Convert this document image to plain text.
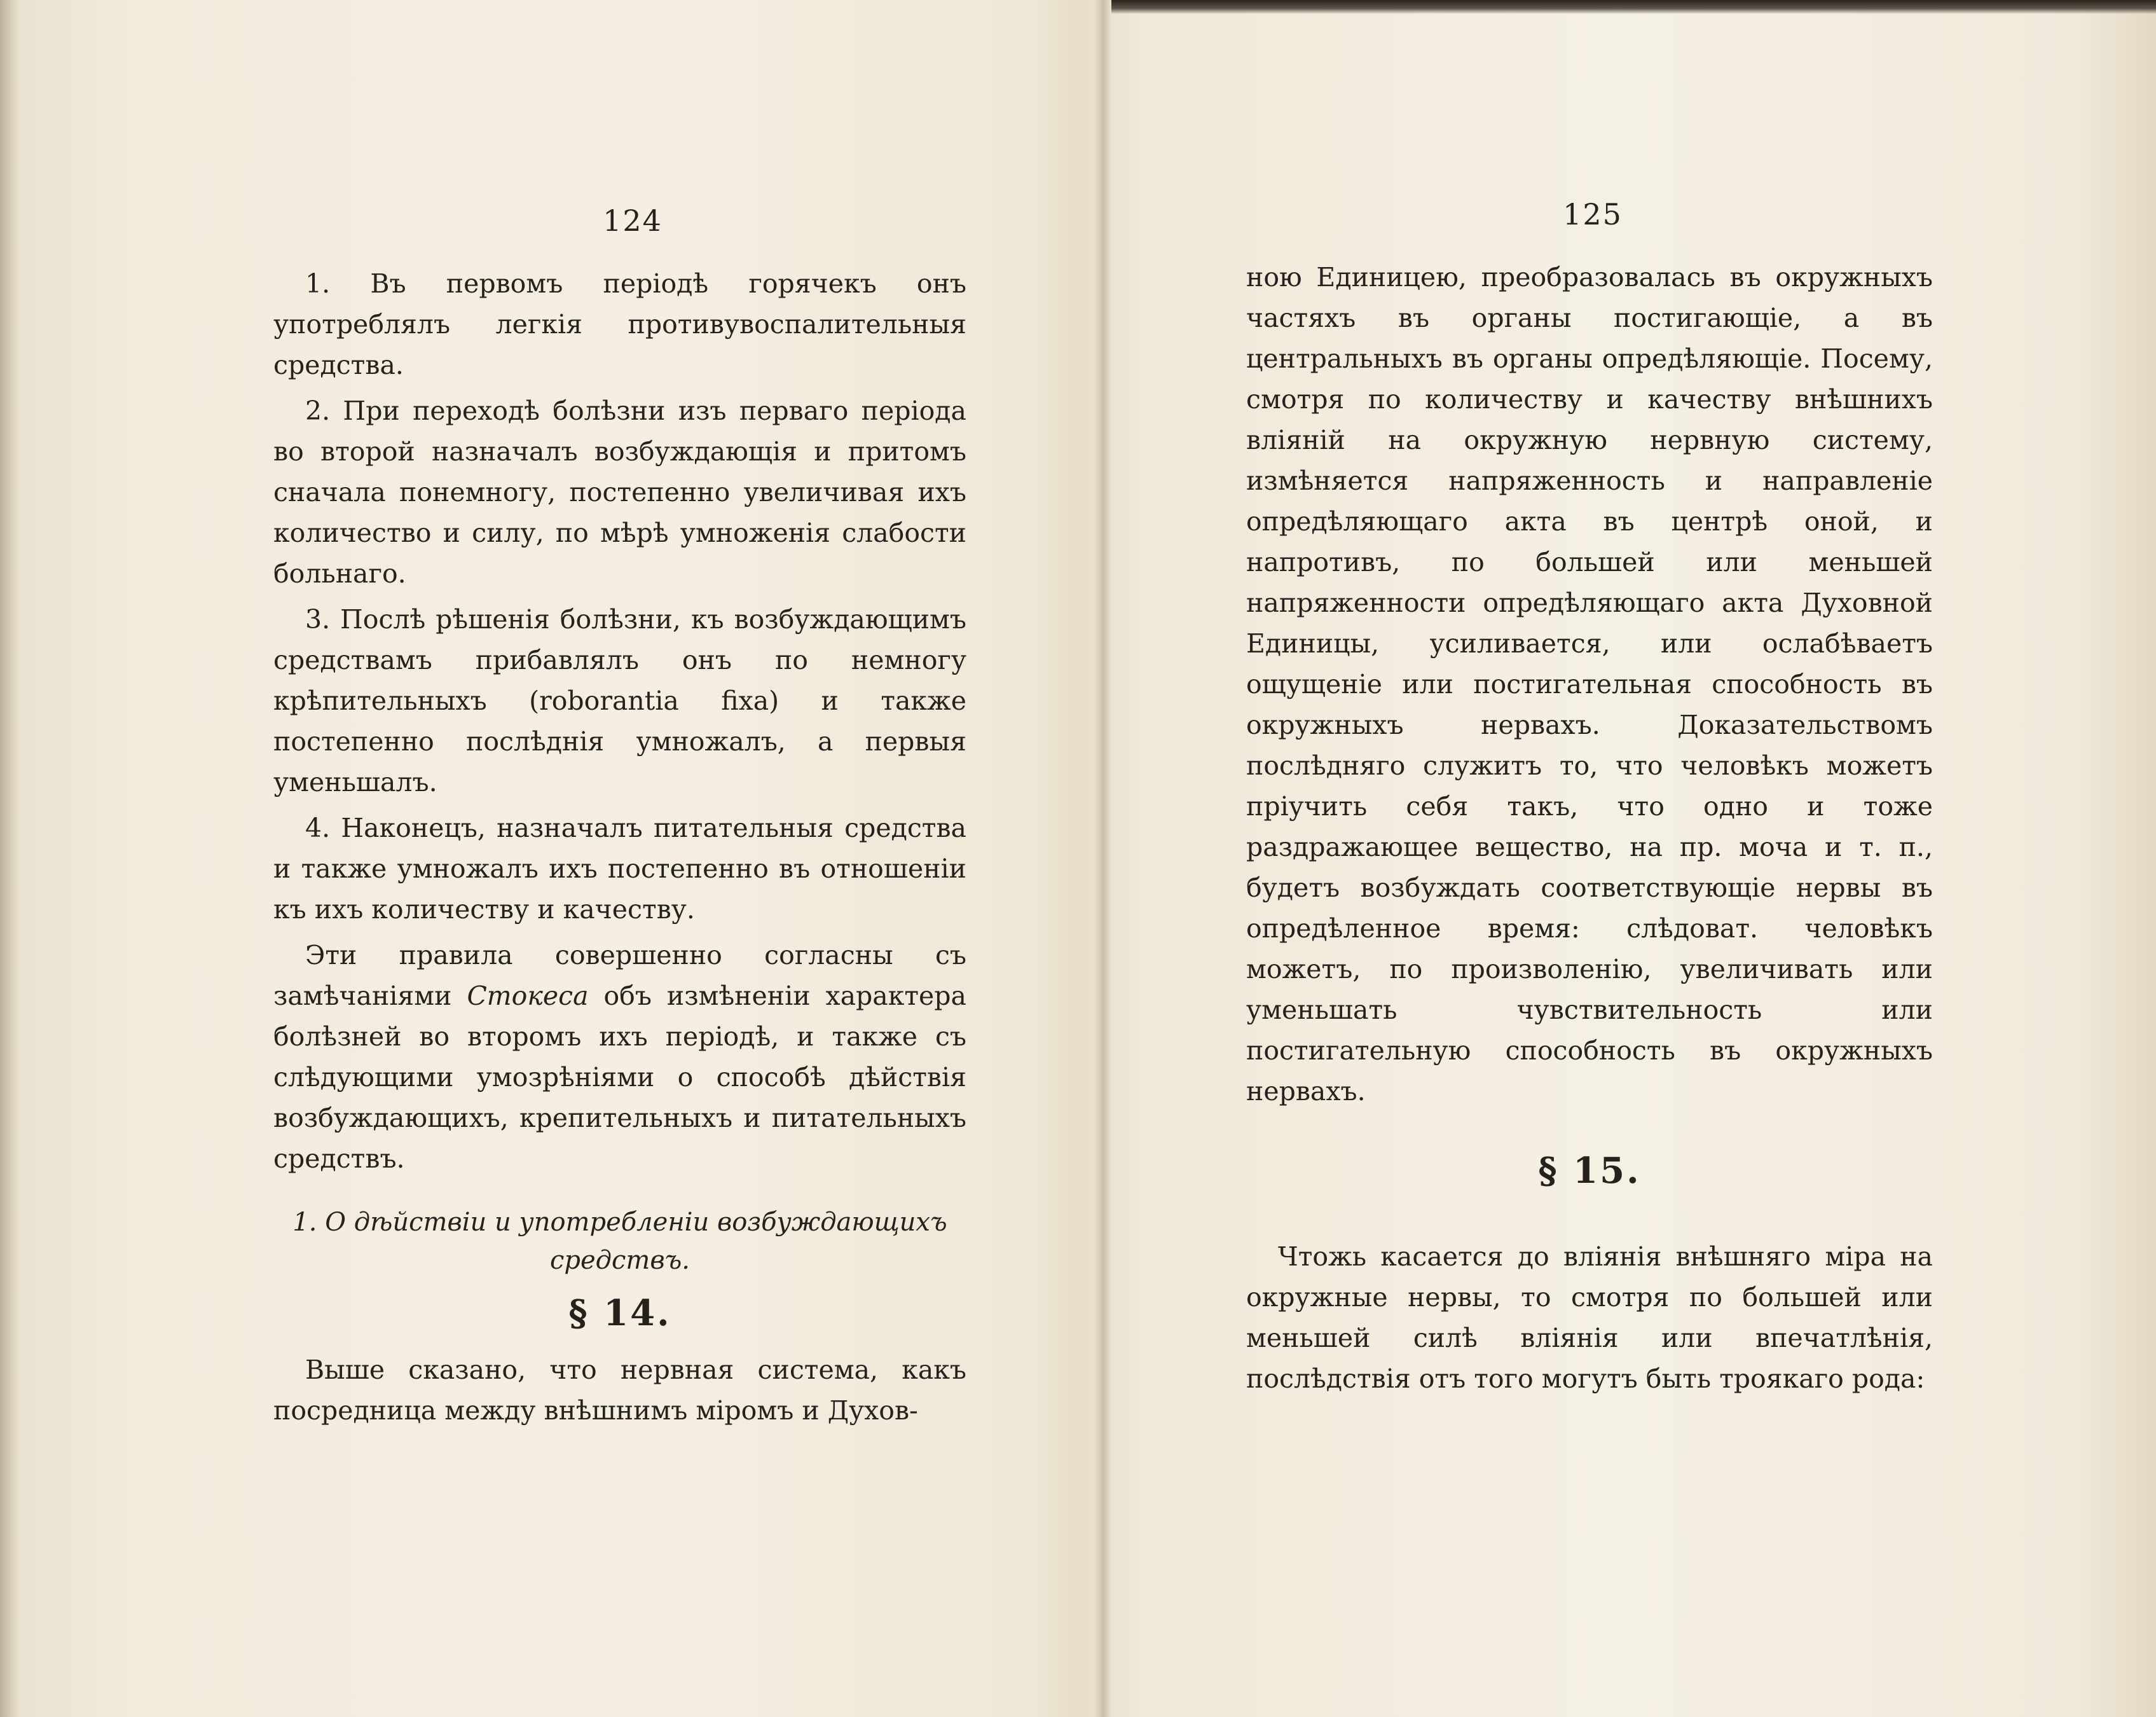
124

1. Въ первомъ періодѣ горячекъ онъ употреблялъ легкія противувоспалительныя средства.

2. При переходѣ болѣзни изъ перваго періода во второй назначалъ возбуждающія и притомъ сначала понемногу, постепенно увеличивая ихъ количество и силу, по мѣрѣ умноженія слабости больнаго.

3. Послѣ рѣшенія болѣзни, къ возбуждающимъ средствамъ прибавлялъ онъ по немногу крѣпительныхъ (roborantia fixa) и также постепенно послѣднія умножалъ, а первыя уменьшалъ.

4. Наконецъ, назначалъ питательныя средства и также умножалъ ихъ постепенно въ отношеніи къ ихъ количеству и качеству.

Эти правила совершенно согласны съ замѣчаніями Стокеса объ измѣненіи характера болѣзней во второмъ ихъ періодѣ, и также съ слѣдующими умозрѣніями о способѣ дѣйствія возбуждающихъ, крепительныхъ и питательныхъ средствъ.

1. О дѣйствіи и употребленіи возбуждающихъ средствъ.
§ 14.

Выше сказано, что нервная система, какъ посредница между внѣшнимъ міромъ и Духов-

125

ною Единицею, преобразовалась въ окружныхъ частяхъ въ органы постигающіе, а въ центральныхъ въ органы опредѣляющіе. Посему, смотря по количеству и качеству внѣшнихъ вліяній на окружную нервную систему, измѣняется напряженность и направленіе опредѣляющаго акта въ центрѣ оной, и напротивъ, по большей или меньшей напряженности опредѣляющаго акта Духовной Единицы, усиливается, или ослабѣваетъ ощущеніе или постигательная способность въ окружныхъ нервахъ. Доказательствомъ послѣдняго служитъ то, что человѣкъ можетъ пріучить себя такъ, что одно и тоже раздражающее вещество, на пр. моча и т. п., будетъ возбуждать соответствующіе нервы въ опредѣленное время: слѣдоват. человѣкъ можетъ, по произволенію, увеличивать или уменьшать чувствительность или постигательную способность въ окружныхъ нервахъ.

§ 15.

Чтожь касается до вліянія внѣшняго міра на окружные нервы, то смотря по большей или меньшей силѣ вліянія или впечатлѣнія, послѣдствія отъ того могутъ быть троякаго рода:
